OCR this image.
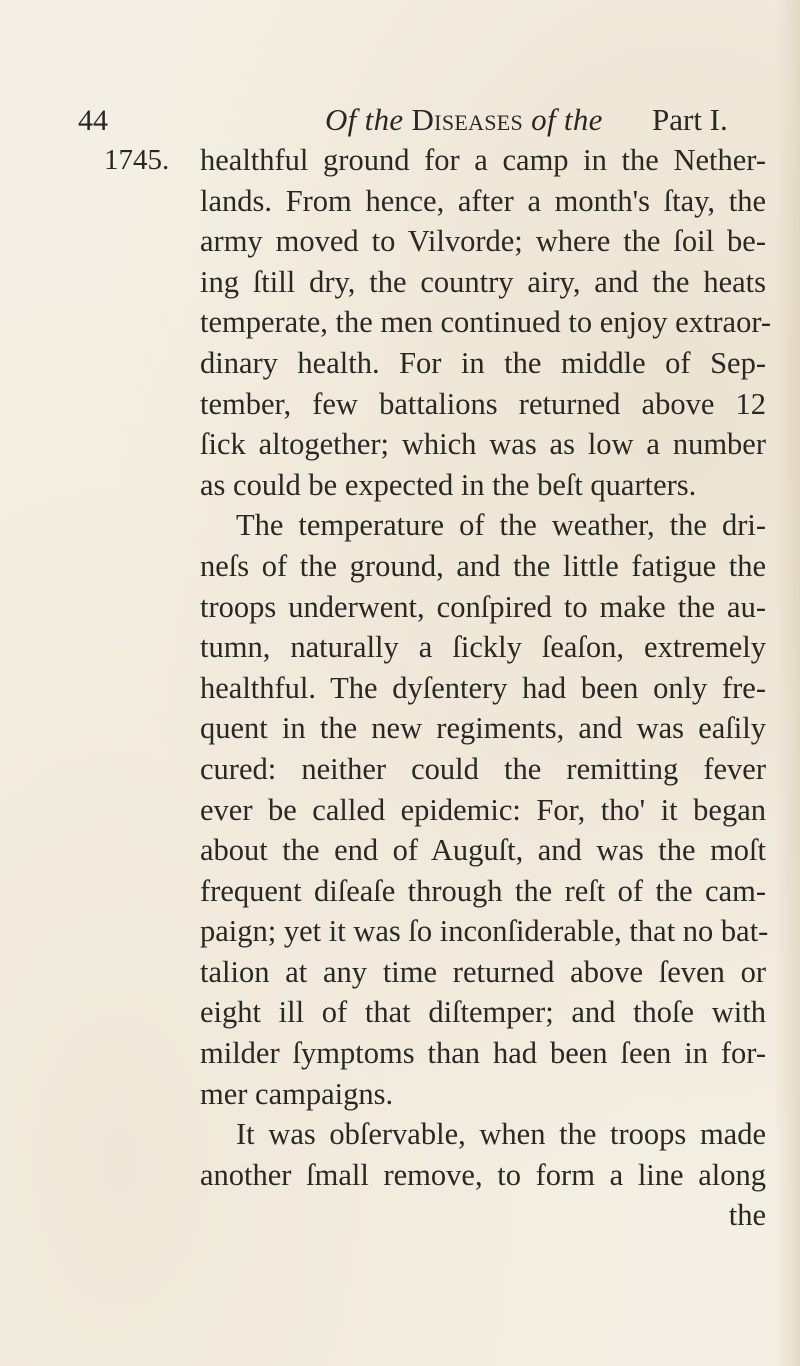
44	Of the Diseases of the Part I.
1745. healthful ground for a camp in the Nether-
lands. From hence, after a month's ſtay, the
army moved to Vilvorde; where the ſoil be-
ing ſtill dry, the country airy, and the heats
temperate, the men continued to enjoy extraor-
dinary health. For in the middle of Sep-
tember, few battalions returned above 12
ſick altogether; which was as low a number
as could be expected in the beſt quarters.
The temperature of the weather, the dri-
neſs of the ground, and the little fatigue the
troops underwent, conſpired to make the au-
tumn, naturally a ſickly ſeaſon, extremely
healthful. The dyſentery had been only fre-
quent in the new regiments, and was eaſily
cured: neither could the remitting fever
ever be called epidemic: For, tho' it began
about the end of Auguſt, and was the moſt
frequent diſeaſe through the reſt of the cam-
paign; yet it was ſo inconſiderable, that no bat-
talion at any time returned above ſeven or
eight ill of that diſtemper; and thoſe with
milder ſymptoms than had been ſeen in for-
mer campaigns.
It was obſervable, when the troops made
another ſmall remove, to form a line along
the
